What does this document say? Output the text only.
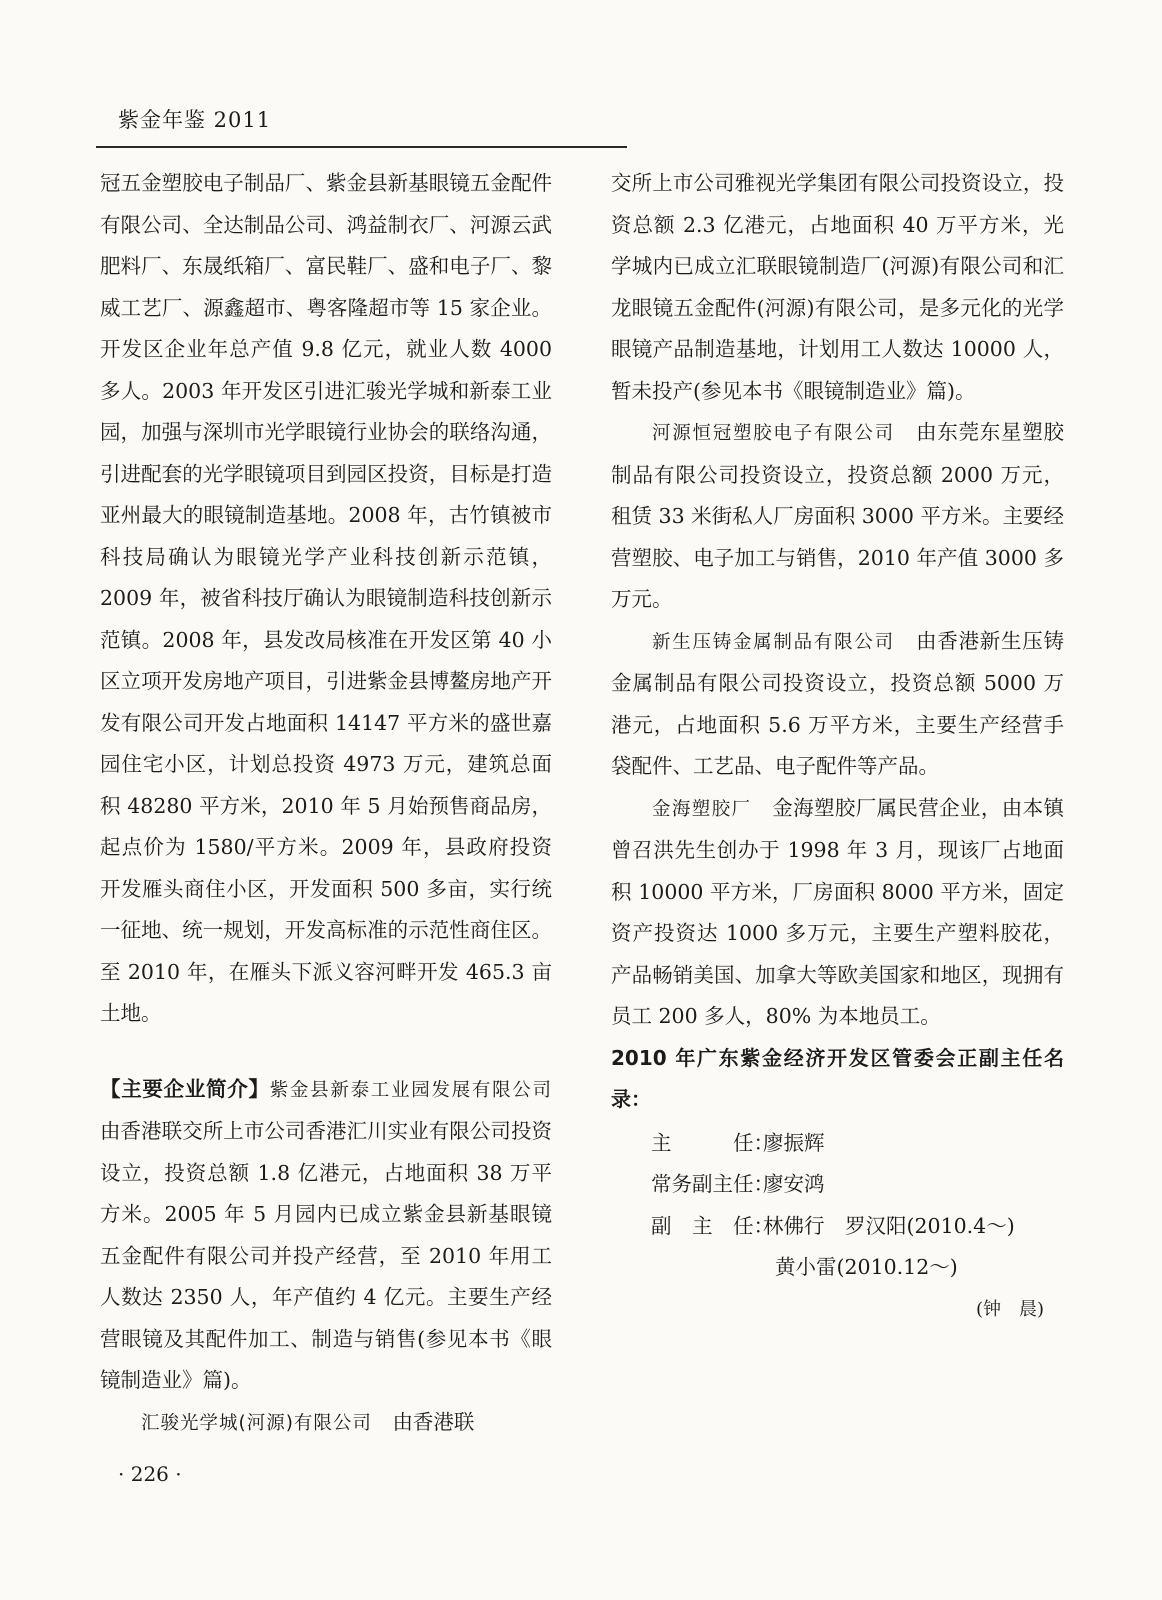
紫金年鉴 2011

冠五金塑胶电子制品厂、紫金县新基眼镜五金配件有限公司、全达制品公司、鸿益制衣厂、河源云武肥料厂、东晟纸箱厂、富民鞋厂、盛和电子厂、黎威工艺厂、源鑫超市、粤客隆超市等 15 家企业。开发区企业年总产值 9.8 亿元，就业人数 4000 多人。2003 年开发区引进汇骏光学城和新泰工业园，加强与深圳市光学眼镜行业协会的联络沟通，引进配套的光学眼镜项目到园区投资，目标是打造亚州最大的眼镜制造基地。2008 年，古竹镇被市科技局确认为眼镜光学产业科技创新示范镇，2009 年，被省科技厅确认为眼镜制造科技创新示范镇。2008 年，县发改局核准在开发区第 40 小区立项开发房地产项目，引进紫金县博鳌房地产开发有限公司开发占地面积 14147 平方米的盛世嘉园住宅小区，计划总投资 4973 万元，建筑总面积 48280 平方米，2010 年 5 月始预售商品房，起点价为 1580/平方米。2009 年，县政府投资开发雁头商住小区，开发面积 500 多亩，实行统一征地、统一规划，开发高标准的示范性商住区。至 2010 年，在雁头下派义容河畔开发 465.3 亩土地。

【主要企业简介】紫金县新泰工业园发展有限公司　由香港联交所上市公司香港汇川实业有限公司投资设立，投资总额 1.8 亿港元，占地面积 38 万平方米。2005 年 5 月园内已成立紫金县新基眼镜五金配件有限公司并投产经营，至 2010 年用工人数达 2350 人，年产值约 4 亿元。主要生产经营眼镜及其配件加工、制造与销售(参见本书《眼镜制造业》篇)。

汇骏光学城(河源)有限公司　 由香港联

交所上市公司雅视光学集团有限公司投资设立，投资总额 2.3 亿港元，占地面积 40 万平方米，光学城内已成立汇联眼镜制造厂(河源)有限公司和汇龙眼镜五金配件(河源)有限公司，是多元化的光学眼镜产品制造基地，计划用工人数达 10000 人，暂未投产(参见本书《眼镜制造业》篇)。

河源恒冠塑胶电子有限公司　 由东莞东星塑胶制品有限公司投资设立，投资总额 2000 万元，租赁 33 米街私人厂房面积 3000 平方米。主要经营塑胶、电子加工与销售，2010 年产值 3000 多万元。

新生压铸金属制品有限公司　 由香港新生压铸金属制品有限公司投资设立，投资总额 5000 万港元，占地面积 5.6 万平方米，主要生产经营手袋配件、工艺品、电子配件等产品。

金海塑胶厂　 金海塑胶厂属民营企业，由本镇曾召洪先生创办于 1998 年 3 月，现该厂占地面积 10000 平方米，厂房面积 8000 平方米，固定资产投资达 1000 多万元，主要生产塑料胶花，产品畅销美国、加拿大等欧美国家和地区，现拥有员工 200 多人，80% 为本地员工。

2010 年广东紫金经济开发区管委会正副主任名录：

主　　　任：
廖振辉
常务副主任：
廖安鸿
副　主　任：
林佛行　罗汉阳(2010.4～)
黄小雷(2010.12～)
(钟　晨)
· 226 ·
